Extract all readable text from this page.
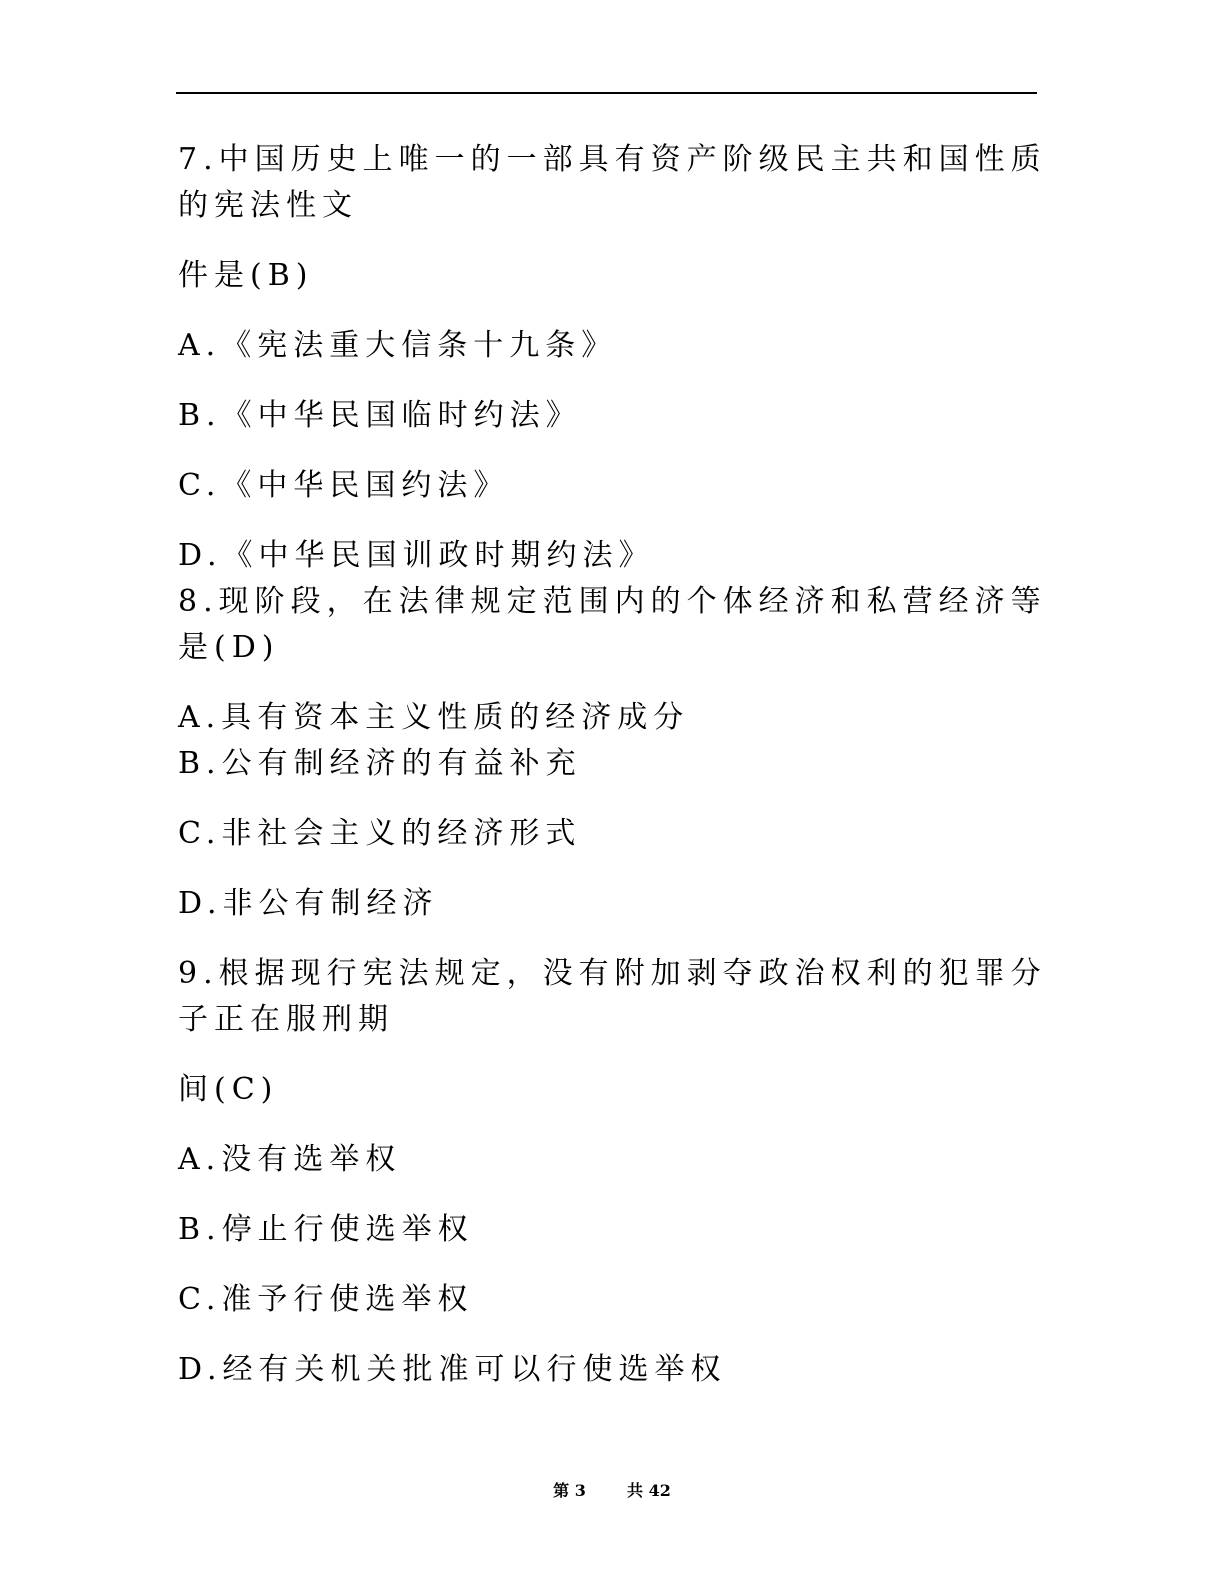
7.中国历史上唯一的一部具有资产阶级民主共和国性质
的宪法性文
件是(B)
A.《宪法重大信条十九条》
B.《中华民国临时约法》
C.《中华民国约法》
D.《中华民国训政时期约法》
8.现阶段，在法律规定范围内的个体经济和私营经济等
是(D)
A.具有资本主义性质的经济成分
B.公有制经济的有益补充
C.非社会主义的经济形式
D.非公有制经济
9.根据现行宪法规定，没有附加剥夺政治权利的犯罪分
子正在服刑期
间(C)
A.没有选举权
B.停止行使选举权
C.准予行使选举权
D.经有关机关批准可以行使选举权
第 3	共 42
